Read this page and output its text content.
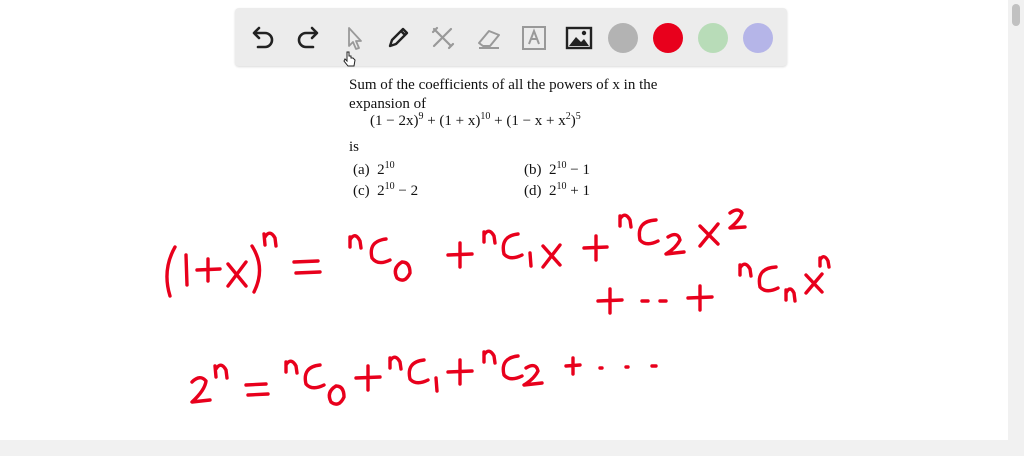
Sum of the coefficients of all the powers of x in the
expansion of
$(1 - 2x)^9 + (1 + x)^{10} + (1 - x + x^2)^5$
is
(a) $2^{10}$	(b) $2^{10} - 1$
(c) $2^{10} - 2$	(d) $2^{10} + 1$
